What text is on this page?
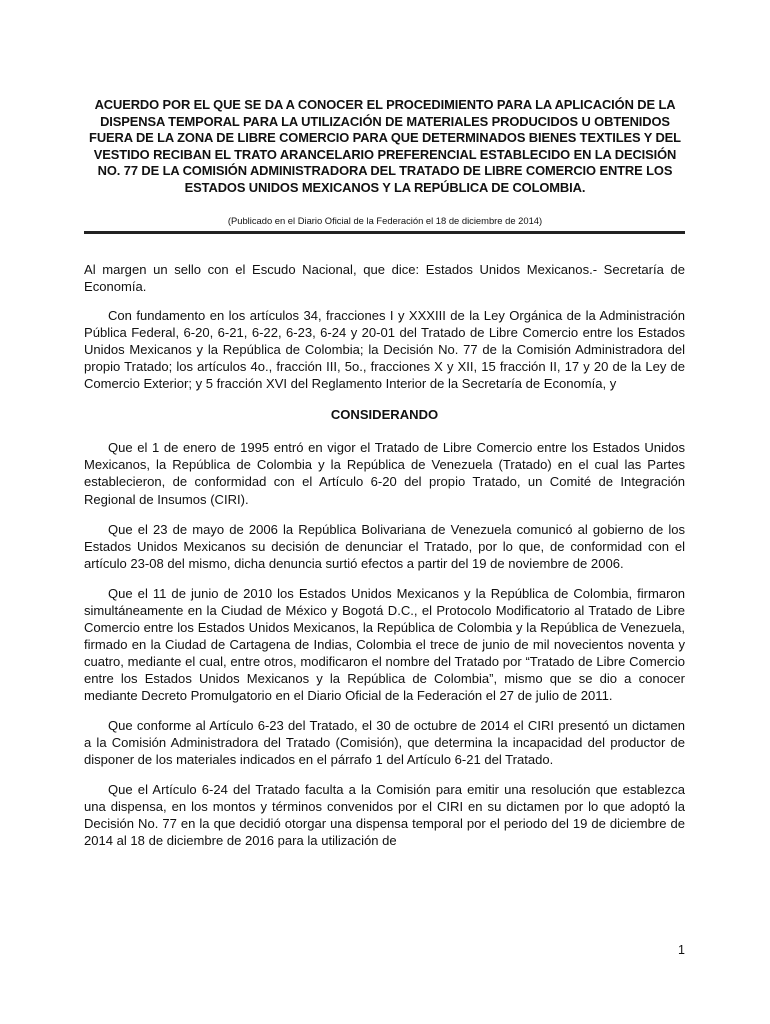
ACUERDO POR EL QUE SE DA A CONOCER EL PROCEDIMIENTO PARA LA APLICACIÓN DE LA DISPENSA TEMPORAL PARA LA UTILIZACIÓN DE MATERIALES PRODUCIDOS U OBTENIDOS FUERA DE LA ZONA DE LIBRE COMERCIO PARA QUE DETERMINADOS BIENES TEXTILES Y DEL VESTIDO RECIBAN EL TRATO ARANCELARIO PREFERENCIAL ESTABLECIDO EN LA DECISIÓN NO. 77 DE LA COMISIÓN ADMINISTRADORA DEL TRATADO DE LIBRE COMERCIO ENTRE LOS ESTADOS UNIDOS MEXICANOS Y LA REPÚBLICA DE COLOMBIA.

(Publicado en el Diario Oficial de la Federación el 18 de diciembre de 2014)

Al margen un sello con el Escudo Nacional, que dice: Estados Unidos Mexicanos.- Secretaría de Economía.

Con fundamento en los artículos 34, fracciones I y XXXIII de la Ley Orgánica de la Administración Pública Federal, 6-20, 6-21, 6-22, 6-23, 6-24 y 20-01 del Tratado de Libre Comercio entre los Estados Unidos Mexicanos y la República de Colombia; la Decisión No. 77 de la Comisión Administradora del propio Tratado; los artículos 4o., fracción III, 5o., fracciones X y XII, 15 fracción II, 17 y 20 de la Ley de Comercio Exterior; y 5 fracción XVI del Reglamento Interior de la Secretaría de Economía, y

CONSIDERANDO

Que el 1 de enero de 1995 entró en vigor el Tratado de Libre Comercio entre los Estados Unidos Mexicanos, la República de Colombia y la República de Venezuela (Tratado) en el cual las Partes establecieron, de conformidad con el Artículo 6-20 del propio Tratado, un Comité de Integración Regional de Insumos (CIRI).

Que el 23 de mayo de 2006 la República Bolivariana de Venezuela comunicó al gobierno de los Estados Unidos Mexicanos su decisión de denunciar el Tratado, por lo que, de conformidad con el artículo 23-08 del mismo, dicha denuncia surtió efectos a partir del 19 de noviembre de 2006.

Que el 11 de junio de 2010 los Estados Unidos Mexicanos y la República de Colombia, firmaron simultáneamente en la Ciudad de México y Bogotá D.C., el Protocolo Modificatorio al Tratado de Libre Comercio entre los Estados Unidos Mexicanos, la República de Colombia y la República de Venezuela, firmado en la Ciudad de Cartagena de Indias, Colombia el trece de junio de mil novecientos noventa y cuatro, mediante el cual, entre otros, modificaron el nombre del Tratado por “Tratado de Libre Comercio entre los Estados Unidos Mexicanos y la República de Colombia”, mismo que se dio a conocer mediante Decreto Promulgatorio en el Diario Oficial de la Federación el 27 de julio de 2011.

Que conforme al Artículo 6-23 del Tratado, el 30 de octubre de 2014 el CIRI presentó un dictamen a la Comisión Administradora del Tratado (Comisión), que determina la incapacidad del productor de disponer de los materiales indicados en el párrafo 1 del Artículo 6-21 del Tratado.

Que el Artículo 6-24 del Tratado faculta a la Comisión para emitir una resolución que establezca una dispensa, en los montos y términos convenidos por el CIRI en su dictamen por lo que adoptó la Decisión No. 77 en la que decidió otorgar una dispensa temporal por el periodo del 19 de diciembre de 2014 al 18 de diciembre de 2016 para la utilización de

1
